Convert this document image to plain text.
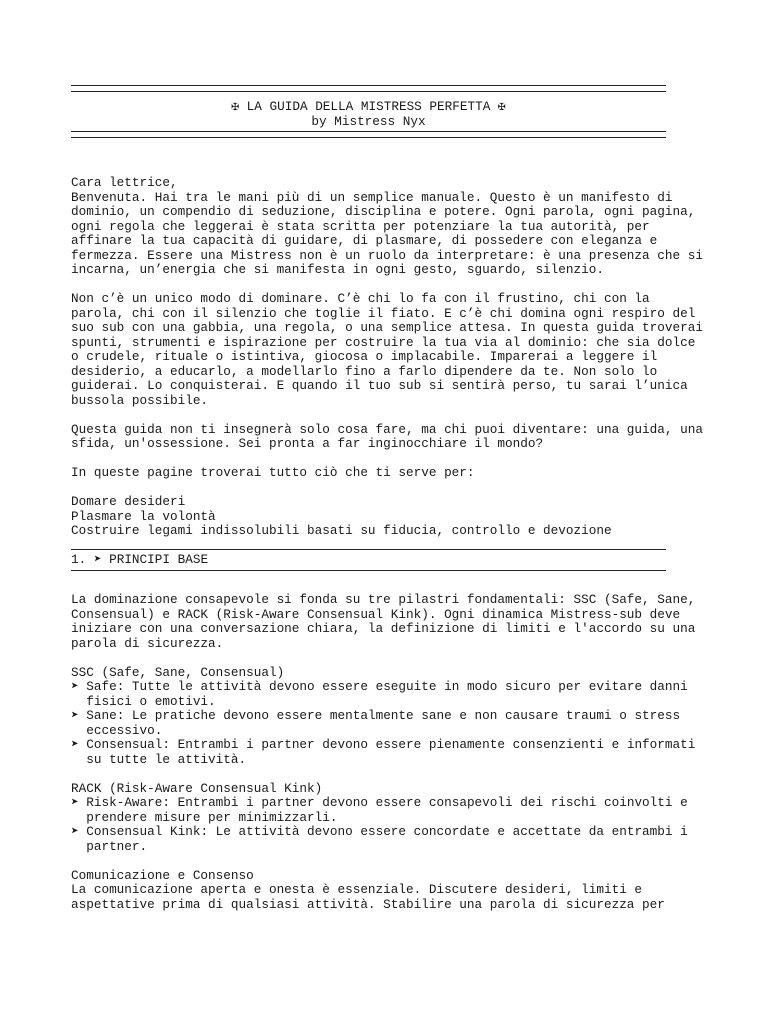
✠ LA GUIDA DELLA MISTRESS PERFETTA ✠
by Mistress Nyx
Cara lettrice,
Benvenuta. Hai tra le mani più di un semplice manuale. Questo è un manifesto di
dominio, un compendio di seduzione, disciplina e potere. Ogni parola, ogni pagina,
ogni regola che leggerai è stata scritta per potenziare la tua autorità, per
affinare la tua capacità di guidare, di plasmare, di possedere con eleganza e
fermezza. Essere una Mistress non è un ruolo da interpretare: è una presenza che si
incarna, un’energia che si manifesta in ogni gesto, sguardo, silenzio.
Non c’è un unico modo di dominare. C’è chi lo fa con il frustino, chi con la
parola, chi con il silenzio che toglie il fiato. E c’è chi domina ogni respiro del
suo sub con una gabbia, una regola, o una semplice attesa. In questa guida troverai
spunti, strumenti e ispirazione per costruire la tua via al dominio: che sia dolce
o crudele, rituale o istintiva, giocosa o implacabile. Imparerai a leggere il
desiderio, a educarlo, a modellarlo fino a farlo dipendere da te. Non solo lo
guiderai. Lo conquisterai. E quando il tuo sub si sentirà perso, tu sarai l’unica
bussola possibile.
Questa guida non ti insegnerà solo cosa fare, ma chi puoi diventare: una guida, una
sfida, un'ossessione. Sei pronta a far inginocchiare il mondo?
In queste pagine troverai tutto ciò che ti serve per:
Domare desideri
Plasmare la volontà
Costruire legami indissolubili basati su fiducia, controllo e devozione
1. ➤ PRINCIPI BASE
La dominazione consapevole si fonda su tre pilastri fondamentali: SSC (Safe, Sane,
Consensual) e RACK (Risk-Aware Consensual Kink). Ogni dinamica Mistress-sub deve
iniziare con una conversazione chiara, la definizione di limiti e l'accordo su una
parola di sicurezza.
SSC (Safe, Sane, Consensual)
➤ Safe: Tutte le attività devono essere eseguite in modo sicuro per evitare danni
fisici o emotivi.
➤ Sane: Le pratiche devono essere mentalmente sane e non causare traumi o stress
eccessivo.
➤ Consensual: Entrambi i partner devono essere pienamente consenzienti e informati
su tutte le attività.
RACK (Risk-Aware Consensual Kink)
➤ Risk-Aware: Entrambi i partner devono essere consapevoli dei rischi coinvolti e
prendere misure per minimizzarli.
➤ Consensual Kink: Le attività devono essere concordate e accettate da entrambi i
partner.
Comunicazione e Consenso
La comunicazione aperta e onesta è essenziale. Discutere desideri, limiti e
aspettative prima di qualsiasi attività. Stabilire una parola di sicurezza per
